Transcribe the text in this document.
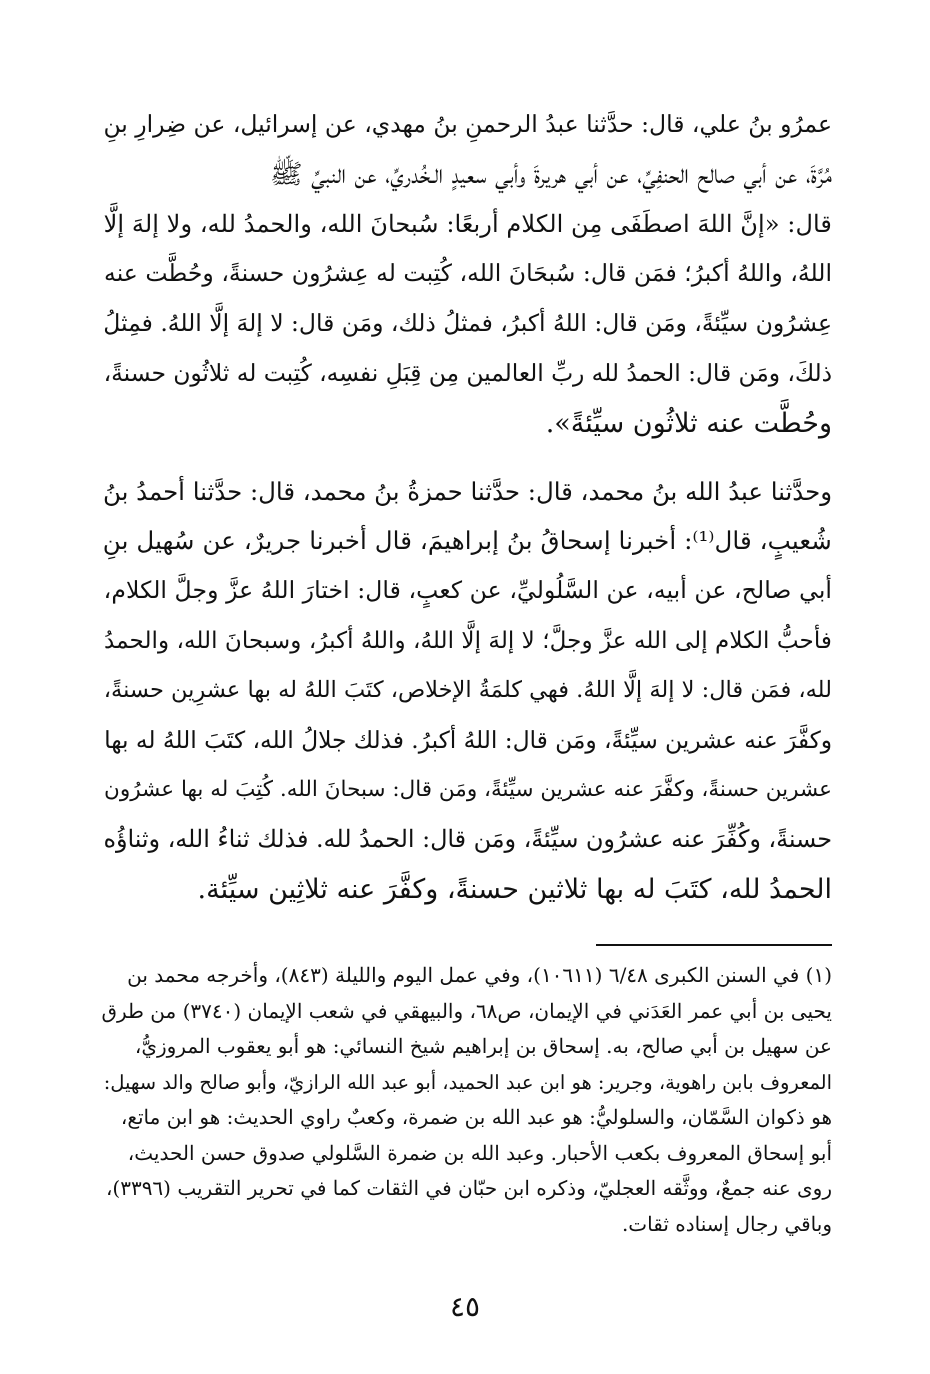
عمرُو بنُ علي، قال: حدَّثنا عبدُ الرحمنِ بنُ مهدي، عن إسرائيل، عن ضِرارِ بنِ
مُرَّةَ، عن أبي صالح الحنفِيِّ، عن أبي هريرةَ وأبي سعيدٍ الـخُدريِّ، عن النبيِّ ﷺ
قال: «إنَّ اللهَ اصطَفَى مِن الكلام أربعًا: سُبحانَ الله، والحمدُ لله، ولا إلهَ إلَّا
اللهُ، واللهُ أكبرُ؛ فمَن قال: سُبحَانَ الله، كُتِبت له عِشرُون حسنةً، وحُطَّت عنه
عِشرُون سيِّئةً، ومَن قال: اللهُ أكبرُ، فمثلُ ذلك، ومَن قال: لا إلهَ إلَّا اللهُ. فمِثلُ
ذلكَ، ومَن قال: الحمدُ لله ربِّ العالمين مِن قِبَلِ نفسِه، كُتِبت له ثلاثُون حسنةً،
وحُطَّت عنه ثلاثُون سيِّئةً».
وحدَّثنا عبدُ الله بنُ محمد، قال: حدَّثنا حمزةُ بنُ محمد، قال: حدَّثنا أحمدُ بنُ
شُعيبٍ، قال⁽¹⁾: أخبرنا إسحاقُ بنُ إبراهيمَ، قال أخبرنا جريرٌ، عن سُهيل بنِ
أبي صالح، عن أبيه، عن السَّلُوليِّ، عن كعبٍ، قال: اختارَ اللهُ عزَّ وجلَّ الكلام،
فأحبُّ الكلام إلى الله عزَّ وجلَّ؛ لا إلهَ إلَّا اللهُ، واللهُ أكبرُ، وسبحانَ الله، والحمدُ
لله، فمَن قال: لا إلهَ إلَّا اللهُ. فهي كلمَةُ الإخلاص، كتَبَ اللهُ له بها عشرِين حسنةً،
وكفَّرَ عنه عشرين سيِّئةً، ومَن قال: اللهُ أكبرُ. فذلك جلالُ الله، كتَبَ اللهُ له بها
عشرين حسنةً، وكفَّرَ عنه عشرين سيِّئةً، ومَن قال: سبحانَ الله. كُتِبَ له بها عشرُون
حسنةً، وكُفِّرَ عنه عشرُون سيِّئةً، ومَن قال: الحمدُ لله. فذلك ثناءُ الله، وثناؤُه
الحمدُ لله، كتَبَ له بها ثلاثين حسنةً، وكفَّرَ عنه ثلاثِين سيِّئة.
(١) في السنن الكبرى ٦/٤٨ (١٠٦١١)، وفي عمل اليوم والليلة (٨٤٣)، وأخرجه محمد بن
يحيى بن أبي عمر العَدَني في الإيمان، ص٦٨، والبيهقي في شعب الإيمان (٣٧٤٠) من طرق
عن سهيل بن أبي صالح، به. إسحاق بن إبراهيم شيخ النسائي: هو أبو يعقوب المروزيُّ،
المعروف بابن راهوية، وجرير: هو ابن عبد الحميد، أبو عبد الله الرازيّ، وأبو صالح والد سهيل:
هو ذكوان السَّمّان، والسلوليُّ: هو عبد الله بن ضمرة، وكعبٌ راوي الحديث: هو ابن ماتع،
أبو إسحاق المعروف بكعب الأحبار. وعبد الله بن ضمرة السَّلولي صدوق حسن الحديث،
روى عنه جمعٌ، ووثَّقه العجليّ، وذكره ابن حبّان في الثقات كما في تحرير التقريب (٣٣٩٦)،
وباقي رجال إسناده ثقات.
٤٥
